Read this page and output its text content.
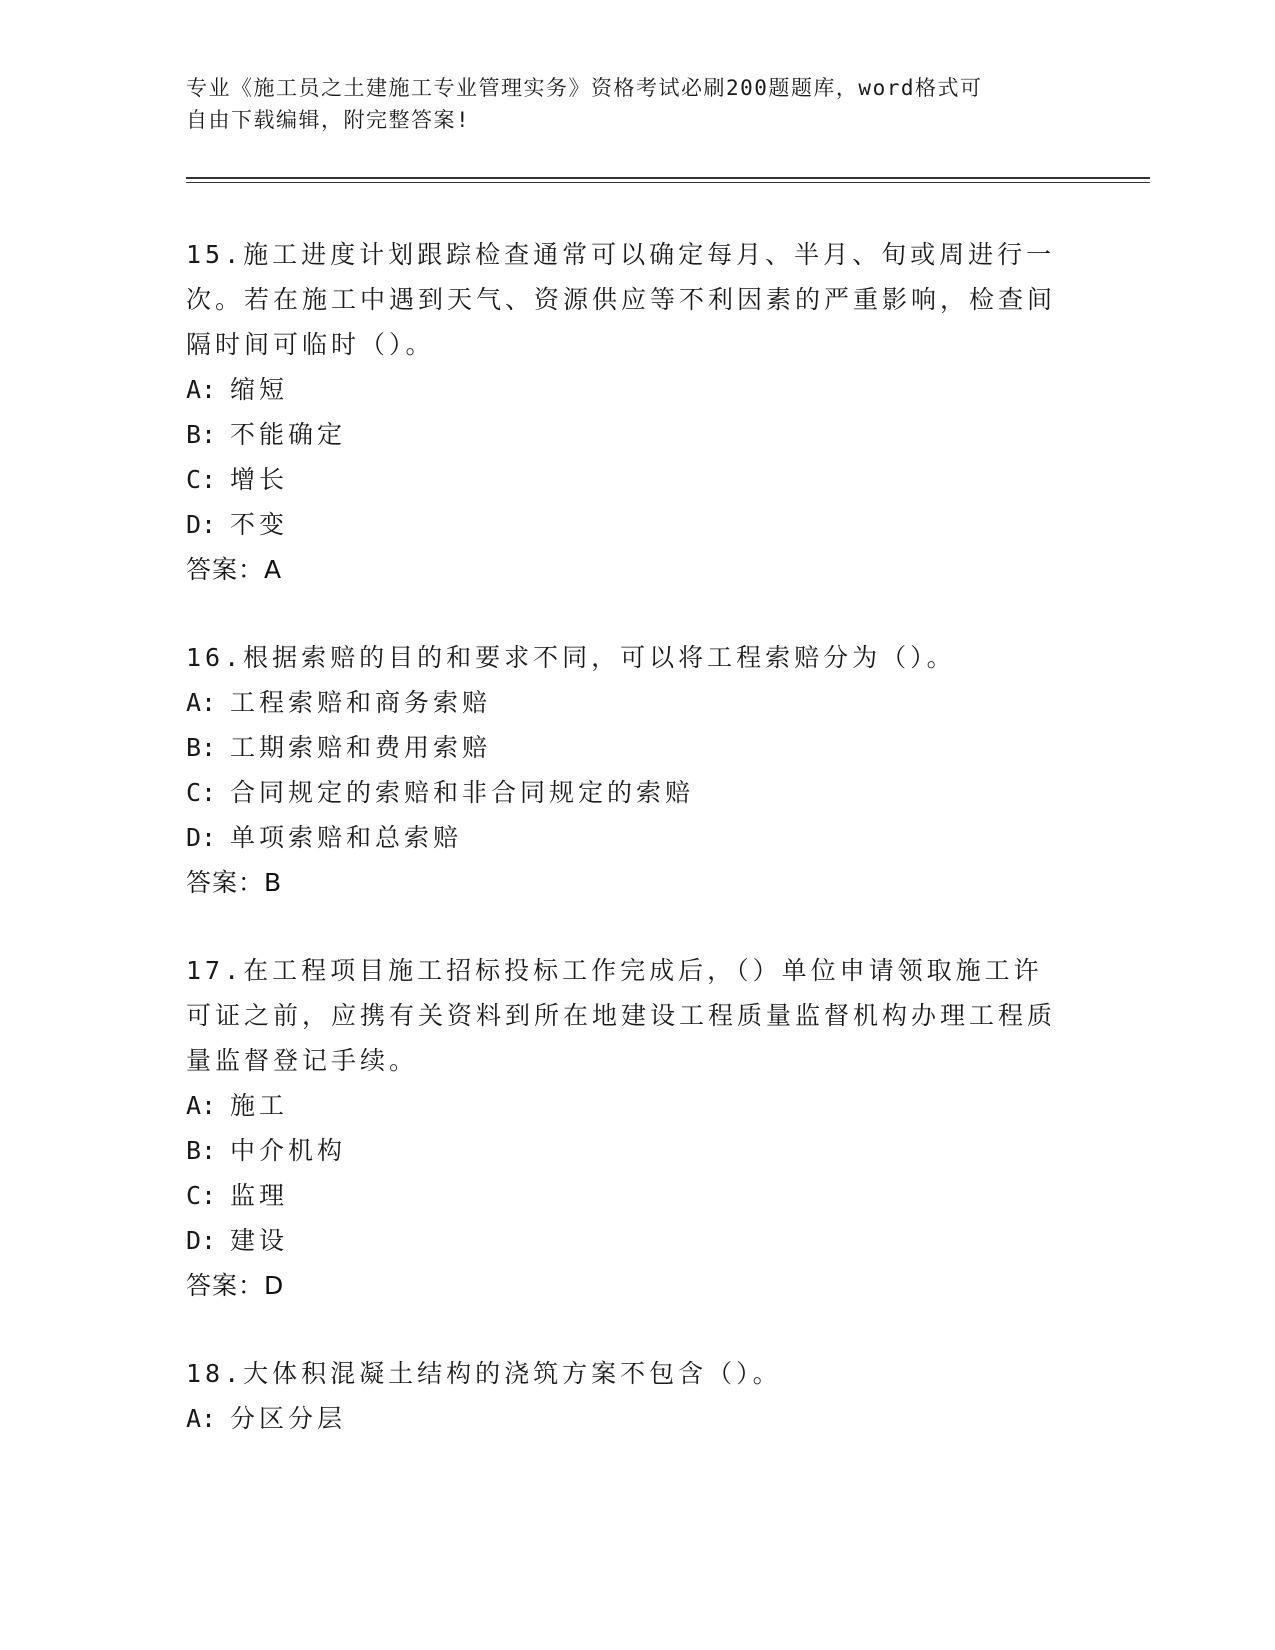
专业《施工员之土建施工专业管理实务》资格考试必刷200题题库，word格式可
自由下载编辑，附完整答案!
15.施工进度计划跟踪检查通常可以确定每月、半月、旬或周进行一次。若在施工中遇到天气、资源供应等不利因素的严重影响，检查间隔时间可临时（）。
A: 缩短
B: 不能确定
C: 增长
D: 不变
答案：A
16.根据索赔的目的和要求不同，可以将工程索赔分为（）。
A: 工程索赔和商务索赔
B: 工期索赔和费用索赔
C: 合同规定的索赔和非合同规定的索赔
D: 单项索赔和总索赔
答案：B
17.在工程项目施工招标投标工作完成后，（）单位申请领取施工许可证之前，应携有关资料到所在地建设工程质量监督机构办理工程质量监督登记手续。
A: 施工
B: 中介机构
C: 监理
D: 建设
答案：D
18.大体积混凝土结构的浇筑方案不包含（）。
A: 分区分层
